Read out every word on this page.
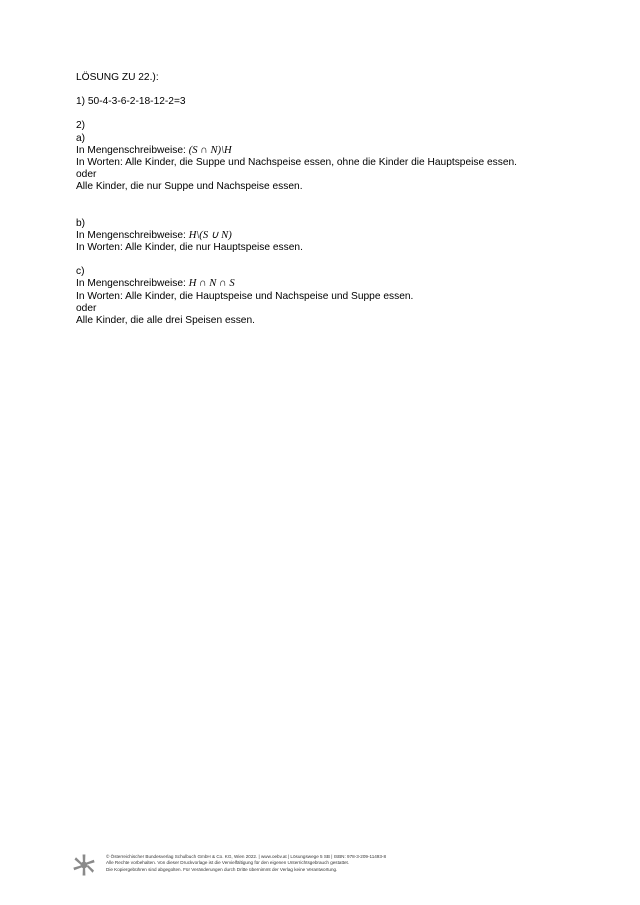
LÖSUNG ZU 22.):
1) 50-4-3-6-2-18-12-2=3
2)
a)
In Mengenschreibweise: (S ∩ N)\H
In Worten: Alle Kinder, die Suppe und Nachspeise essen, ohne die Kinder die Hauptspeise essen.
oder
Alle Kinder, die nur Suppe und Nachspeise essen.
b)
In Mengenschreibweise: H\(S ∪ N)
In Worten: Alle Kinder, die nur Hauptspeise essen.
c)
In Mengenschreibweise: H ∩ N ∩ S
In Worten: Alle Kinder, die Hauptspeise und Nachspeise und Suppe essen.
oder
Alle Kinder, die alle drei Speisen essen.
© Österreichischer Bundesverlag Schulbuch GmbH & Co. KG, Wien 2022. | www.oebv.at | Lösungswege 5 SB | ISBN: 978-3-209-11493-8
Alle Rechte vorbehalten. Von dieser Druckvorlage ist die Vervielfältigung für den eigenen Unterrichtsgebrauch gestattet.
Die Kopiergebühren sind abgegolten. Für Veränderungen durch Dritte übernimmt der Verlag keine Verantwortung.
